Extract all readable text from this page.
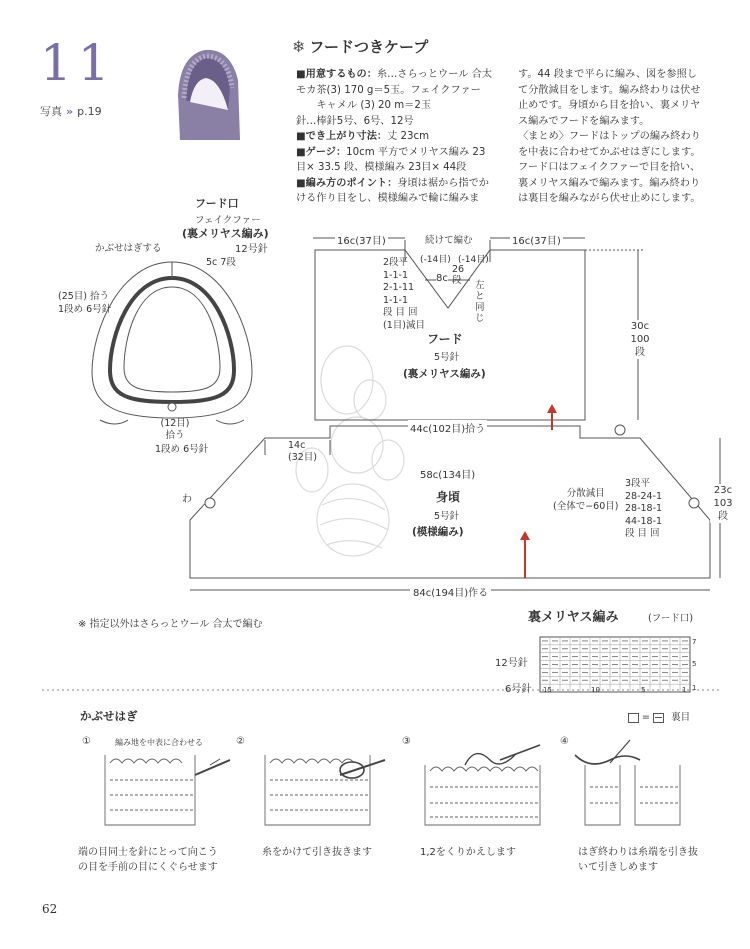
11
写真 » p.19
❄ フードつきケープ

■用意するもの：糸…さらっとウール 合太

モカ茶(3) 170 g＝5玉。フェイクファー

　　キャメル (3) 20 m＝2玉

針…棒針5号、6号、12号

■でき上がり寸法：丈 23cm

■ゲージ：10cm 平方でメリヤス編み 23

目× 33.5 段、模様編み 23目× 44段

■編み方のポイント：身頃は裾から指でか

ける作り目をし、模様編みで輪に編みま

す。44 段まで平らに編み、図を参照し

て分散減目をします。編み終わりは伏せ

止めです。身頃から目を拾い、裏メリヤ

ス編みでフードを編みます。

〈まとめ〉フードはトップの編み終わり

を中表に合わせてかぶせはぎにします。

フード口はフェイクファーで目を拾い、

裏メリヤス編みで編みます。編み終わり

は裏目を編みながら伏せ止めにします。

フード口
フェイクファー
(裏メリヤス編み)
12号針
かぶせはぎする
5c 7段
(25目) 拾う
1段め 6号針
(12目)
拾う
1段め 6号針
16c(37目)	16c(37目)
続けて編む
(-14目) (-14目)
8c
26
段 左と同じ
2段平
1-1-1
2-1-11
1-1-1
段 目 回
(1目)減目
フード
5号針
(裏メリヤス編み)
30c
100
段
44c(102目)拾う
14c
(32目)
58c(134目)
身頃
5号針
(模様編み)
分散減目
(全体で−60目)
3段平
28-24-1
28-18-1
44-18-1
段 目 回
わ
23c
103
段
84c(194目)作る
※ 指定以外はさらっとウール 合太で編む	裏メリヤス編み	(フード口)
12号針
6号針
7
5
1
15	10	5	1
= 裏目
かぶせはぎ
①	編み地を中表に合わせる	②	③	④
端の目同士を針にとって向こう
の目を手前の目にくぐらせます
糸をかけて引き抜きます	1,2をくりかえします	はぎ終わりは糸端を引き抜
いて引きしめます
62
